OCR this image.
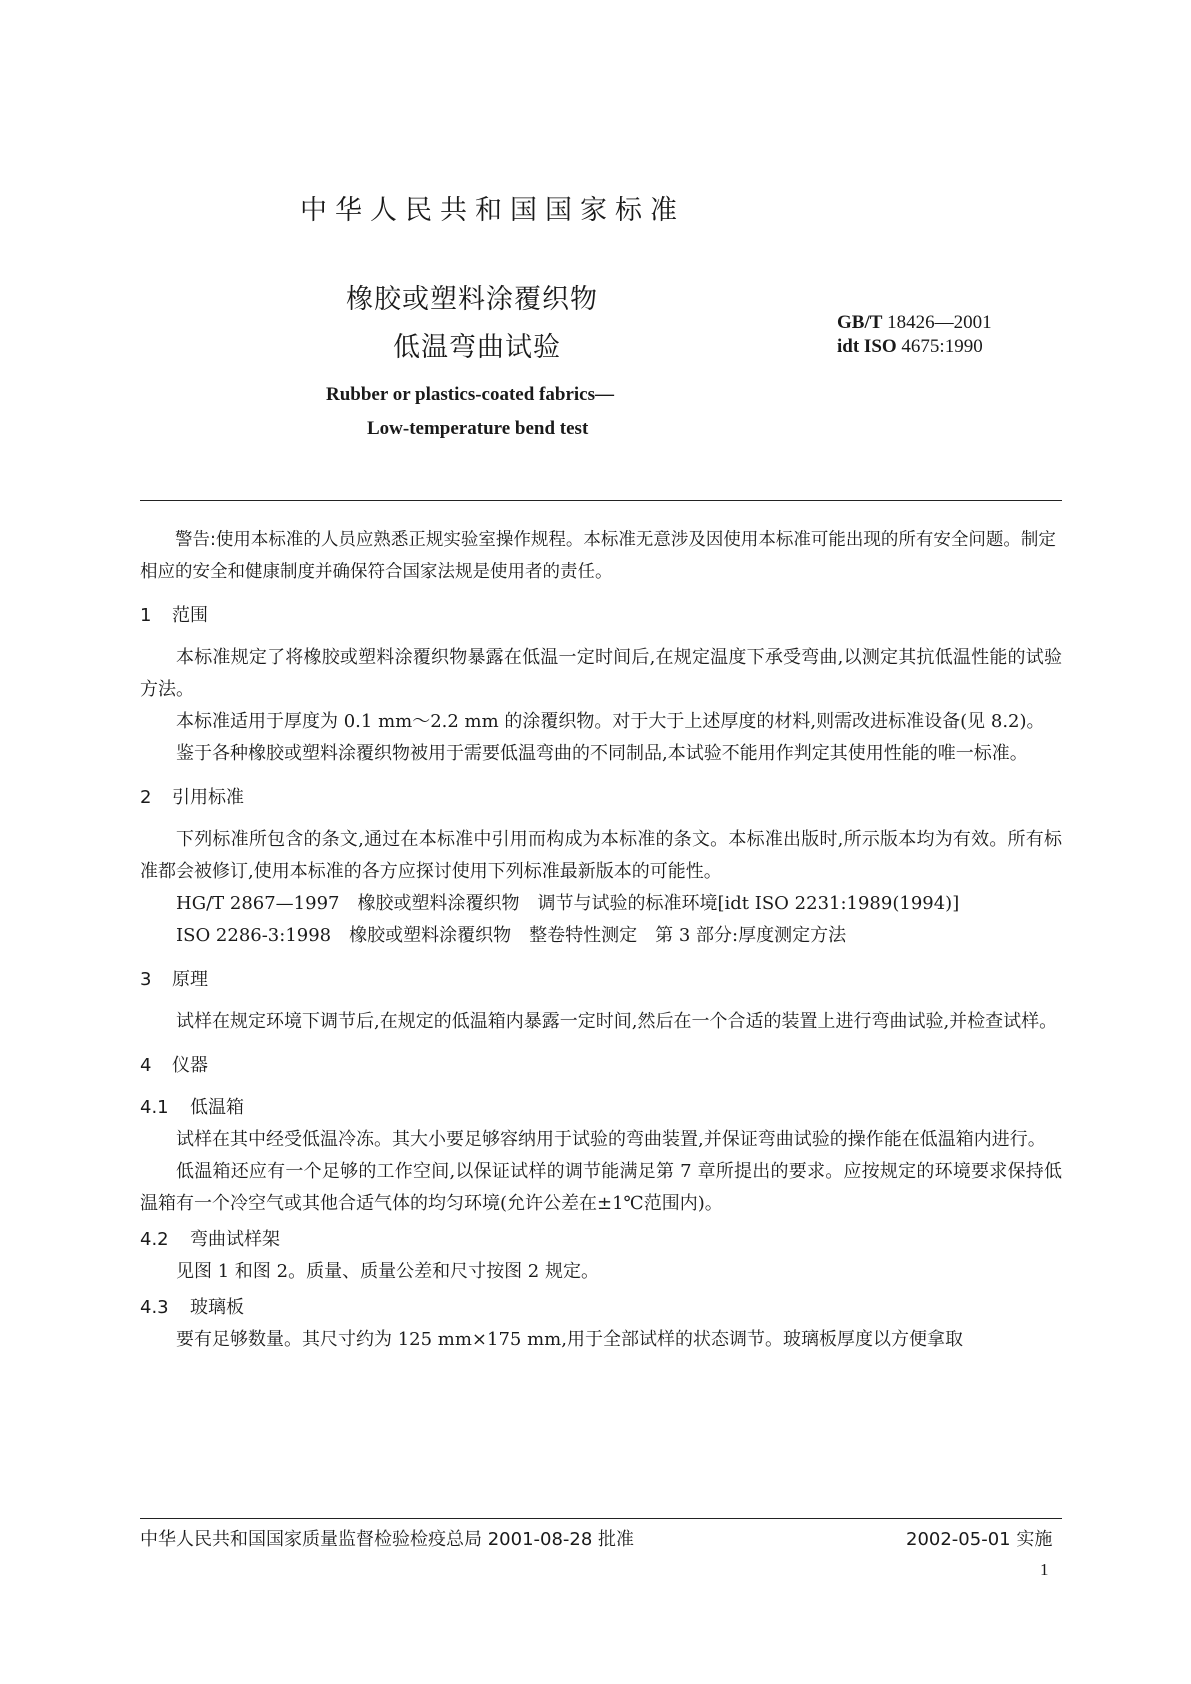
中华人民共和国国家标准
橡胶或塑料涂覆织物
低温弯曲试验
GB/T 18426—2001
idt ISO 4675:1990
Rubber or plastics-coated fabrics—
Low-temperature bend test

警告:使用本标准的人员应熟悉正规实验室操作规程。本标准无意涉及因使用本标准可能出现的所有安全问题。制定相应的安全和健康制度并确保符合国家法规是使用者的责任。

1 范围

本标准规定了将橡胶或塑料涂覆织物暴露在低温一定时间后,在规定温度下承受弯曲,以测定其抗低温性能的试验方法。

本标准适用于厚度为 0.1 mm～2.2 mm 的涂覆织物。对于大于上述厚度的材料,则需改进标准设备(见 8.2)。

鉴于各种橡胶或塑料涂覆织物被用于需要低温弯曲的不同制品,本试验不能用作判定其使用性能的唯一标准。

2 引用标准

下列标准所包含的条文,通过在本标准中引用而构成为本标准的条文。本标准出版时,所示版本均为有效。所有标准都会被修订,使用本标准的各方应探讨使用下列标准最新版本的可能性。

HG/T 2867—1997　橡胶或塑料涂覆织物　调节与试验的标准环境[idt ISO 2231:1989(1994)]

ISO 2286-3:1998　橡胶或塑料涂覆织物　整卷特性测定　第 3 部分:厚度测定方法

3 原理

试样在规定环境下调节后,在规定的低温箱内暴露一定时间,然后在一个合适的装置上进行弯曲试验,并检查试样。

4 仪器
4.1 低温箱

试样在其中经受低温冷冻。其大小要足够容纳用于试验的弯曲装置,并保证弯曲试验的操作能在低温箱内进行。

低温箱还应有一个足够的工作空间,以保证试样的调节能满足第 7 章所提出的要求。应按规定的环境要求保持低温箱有一个冷空气或其他合适气体的均匀环境(允许公差在±1℃范围内)。

4.2 弯曲试样架

见图 1 和图 2。质量、质量公差和尺寸按图 2 规定。

4.3 玻璃板

要有足够数量。其尺寸约为 125 mm×175 mm,用于全部试样的状态调节。玻璃板厚度以方便拿取

中华人民共和国国家质量监督检验检疫总局 2001-08-28 批准	2002-05-01 实施
1
